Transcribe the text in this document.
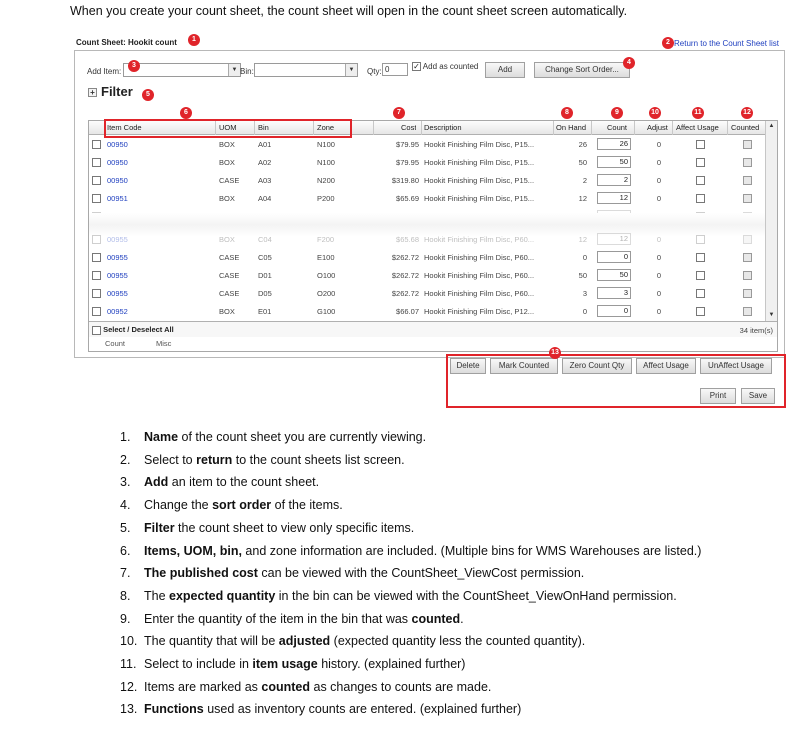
When you create your count sheet, the count sheet will open in the count sheet screen automatically.
Count Sheet: Hookit count	1	2 Return to the Count Sheet list
Add Item:	▼
3
Bin:	▼	Qty: 0
✓	Add as counted	Add	Change Sort Order...
4
+ Filter	5
6	7	8	9	10	11	12
Item Code	UOM	Bin	Zone	Cost Description	On Hand	Count	Adjust Affect Usage Counted
00950	BOX	A01	N100	$79.95 Hookit Finishing Film Disc, P15...	26	26	0
00950	BOX	A02	N100	$79.95 Hookit Finishing Film Disc, P15...	50	50	0
00950	CASE A03	N200	$319.80 Hookit Finishing Film Disc, P15...	2	2	0
00951	BOX	A04	P200	$65.69 Hookit Finishing Film Disc, P15...	12	12	0
00955	BOX	C04	F200	$65.68 Hookit Finishing Film Disc, P60...	12	12	0
00955	CASE C05	E100	$262.72 Hookit Finishing Film Disc, P60...	0	0	0
00955	CASE D01	O100	$262.72 Hookit Finishing Film Disc, P60...	50	50	0
00955	CASE D05	O200	$262.72 Hookit Finishing Film Disc, P60...	3	3	0
00952	BOX	E01	G100	$66.07 Hookit Finishing Film Disc, P12...	0	0	0
▲
▼
Select / Deselect All	34 item(s)
Count	Misc
Delete	Mark Counted	Zero Count Qty	Affect Usage	UnAffect Usage
Print	Save
13
1. Name of the count sheet you are currently viewing.
2. Select to return to the count sheets list screen.
3. Add an item to the count sheet.
4. Change the sort order of the items.
5. Filter the count sheet to view only specific items.
6. Items, UOM, bin, and zone information are included. (Multiple bins for WMS Warehouses are listed.)
7. The published cost can be viewed with the CountSheet_ViewCost permission.
8. The expected quantity in the bin can be viewed with the CountSheet_ViewOnHand permission.
9. Enter the quantity of the item in the bin that was counted.
10. The quantity that will be adjusted (expected quantity less the counted quantity).
11. Select to include in item usage history. (explained further)
12. Items are marked as counted as changes to counts are made.
13. Functions used as inventory counts are entered. (explained further)
